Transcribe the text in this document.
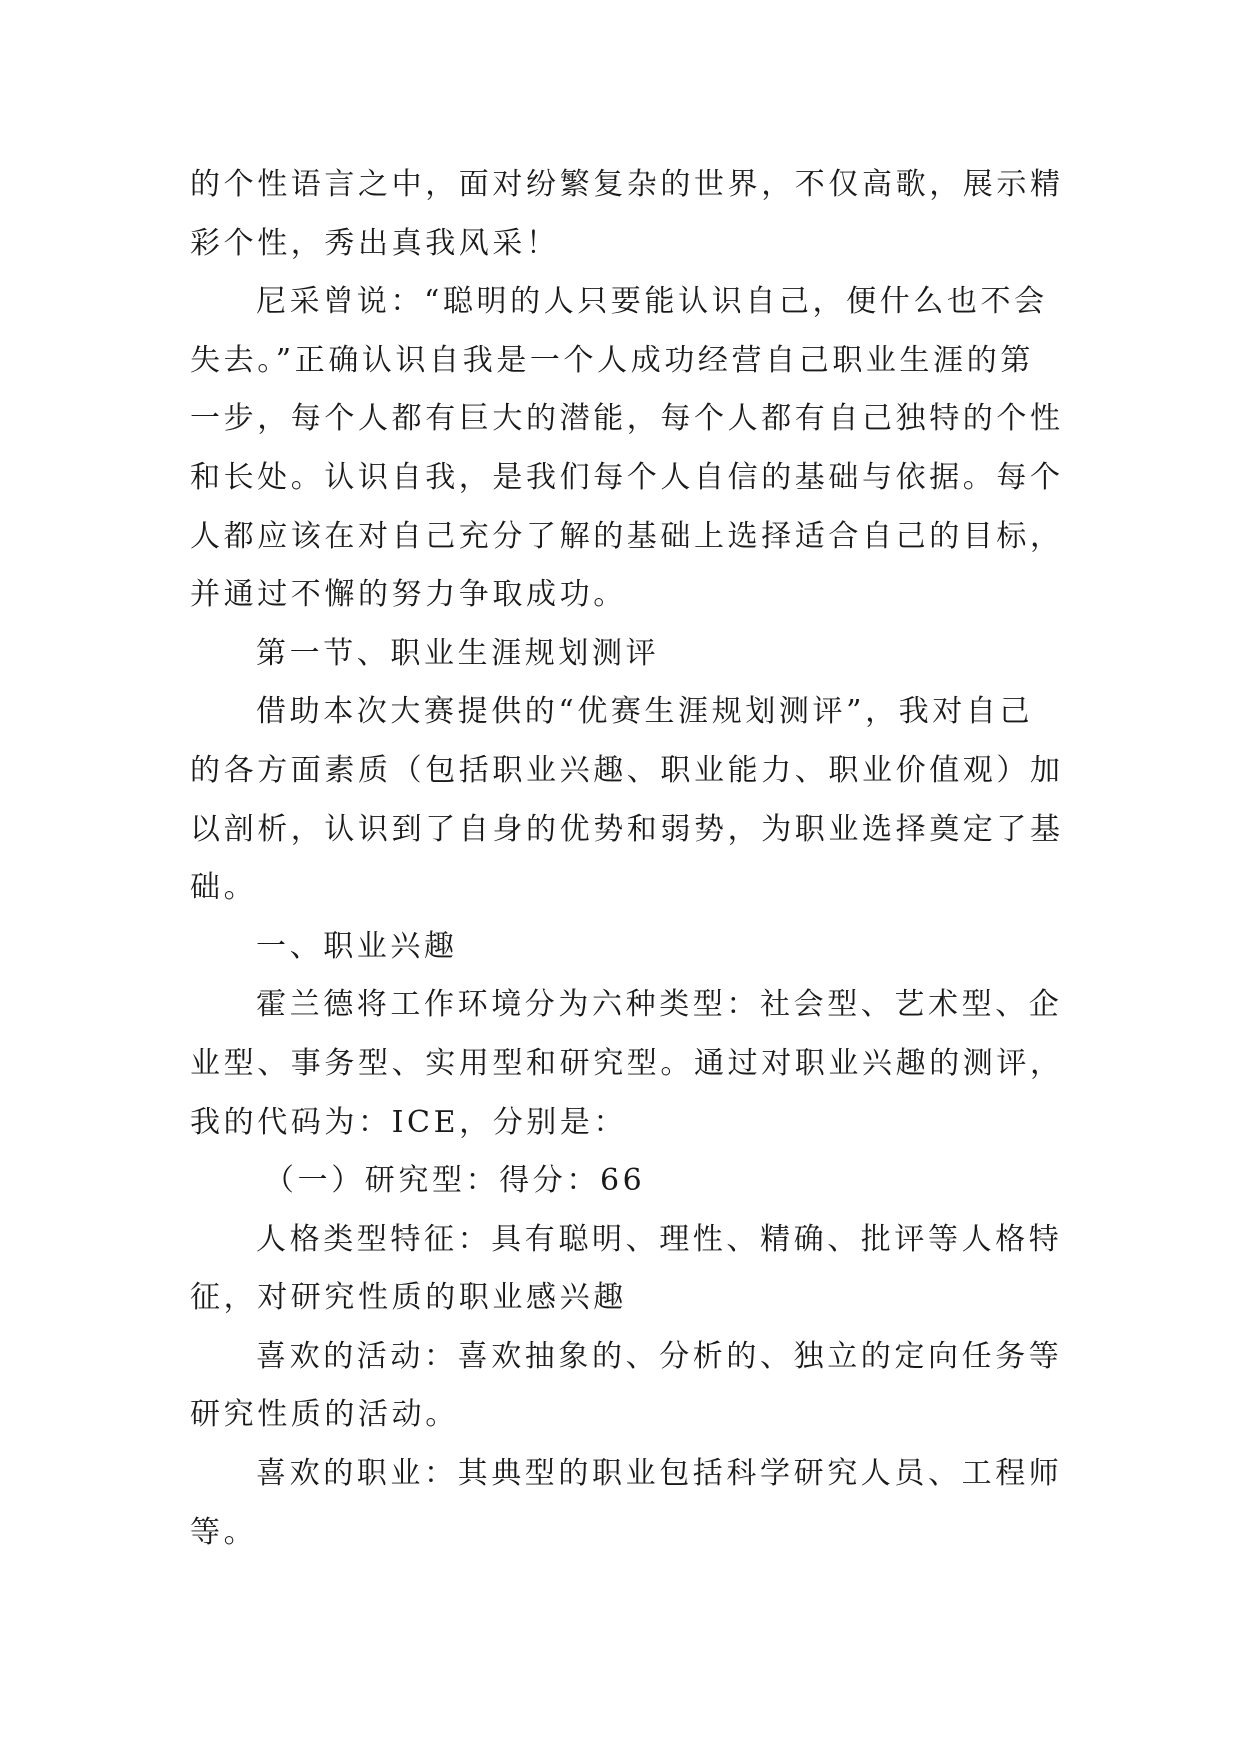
的个性语言之中，面对纷繁复杂的世界，不仅高歌，展示精
彩个性，秀出真我风采！
尼采曾说：“聪明的人只要能认识自己，便什么也不会
失去。”正确认识自我是一个人成功经营自己职业生涯的第
一步，每个人都有巨大的潜能，每个人都有自己独特的个性
和长处。认识自我，是我们每个人自信的基础与依据。每个
人都应该在对自己充分了解的基础上选择适合自己的目标，
并通过不懈的努力争取成功。
第一节、职业生涯规划测评
借助本次大赛提供的“优赛生涯规划测评”，我对自己
的各方面素质（包括职业兴趣、职业能力、职业价值观）加
以剖析，认识到了自身的优势和弱势，为职业选择奠定了基
础。
一、职业兴趣
霍兰德将工作环境分为六种类型：社会型、艺术型、企
业型、事务型、实用型和研究型。通过对职业兴趣的测评，
我的代码为：ICE，分别是：
（一）研究型：得分：66
人格类型特征：具有聪明、理性、精确、批评等人格特
征，对研究性质的职业感兴趣
喜欢的活动：喜欢抽象的、分析的、独立的定向任务等
研究性质的活动。
喜欢的职业：其典型的职业包括科学研究人员、工程师
等。
